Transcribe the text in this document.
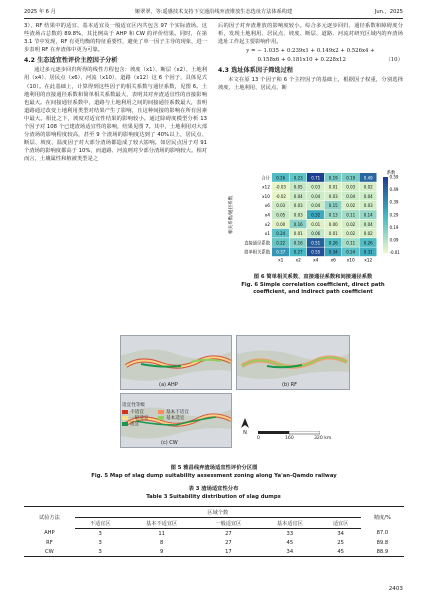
2025 年 6 月	姬翠翠，等:遥感技术支持下交通沿线弃渣堆放生态选址方法体系构建	Jun.，2025

3），RF 结果中的适宜、基本适宜及一般适宜区内共包含 97 个实际渣场。这些渣场占总数的 89.8%，其比例高于 AHP 和 CW 的评价结果。同时，在第 3.1 节中发现，RF 有更均衡的特征重要性，避免了单一因子主导的现象，进一步表明 RF 在弃渣体中更为可靠。

4.2 生态适宜性评价主控因子分析

通过多元逐步回归所得的线性方程包含：坡度（x1）、断层（x2）、土地利用（x4）、居民点（x6）、河流（x10）、道路（x12）这 6 个因子，具体见式（10）。在此基础上，计算得到这些因子的相关系数与通径系数，见图 6。土地利用的直接通径系数和简单相关系数最大，表明其对弃渣适宜性的直接影响也最大。在间接通径系数中，道路与土地利用之间的间接通径系数最大，表明道路通过改变土地利用类型对结果产生了影响，且这种间接的影响在所有因素中最大。相比之下，坡度对适宜性结果的影响较小。通过除碍度模型分析 13 个因子对 108 个已建渣场适宜性的影响，结果见图 7。其中，土地利用对大部分渣场的影响程度较高，甚至 9 个渣场的影响度达到了 40%以上，居民点、断层、坡度、温度因子对大部分渣场都造成了较大影响。如居民点因子对 91 个渣场的影响度都高于 10%，而道路、河流则对少部分渣场的影响较大。相对而言，土壤属性和植被类型是之

后的因子对弃渣堆放的影响度较小。综合多元逐步回归、通径系数和障碍度分析，发现土地利用、居民点、坡度、断层、道路、河流对研究区域内的弃渣场选址工作起主要影响作用。

y = − 1.035 + 0.239x1 + 0.149x2 + 0.526x4 +
0.158x6 + 0.181x10 + 0.228x12	（10）
4.3 选址体系因子筛选过程

本文在原 13 个因子和 6 个主控因子的基础上，根据因子权重，分别选择坡度、土地利用、居民点、断

相关系数/通径系数
合计 0.26 0.23 0.71 0.19 0.19 0.49
x12 -0.03 0.05 0.03 0.01 0.03 0.02
x10 -0.02 0.04 0.04 0.03 0.04 0.04
x6 0.03 0.03 0.04 0.15 0.02 0.03
x4 0.05 0.03 0.32 0.13 0.11 0.14
x2 0.00 0.16 0.01 0.00 0.02 0.04
x1 0.24 0.01 0.06 0.01 0.02 0.02
直接通径系数 0.22 0.16 0.51 0.26 0.11 0.26
简单相关系数 0.37 0.27 0.55 0.34 0.24 0.31
x1	x2	x4	x6	x10 x12
系数
0.59
0.49
0.39
0.29
0.19
0.09
-0.01
图 6 简单相关系数、直接通径系数和间接通径系数
Fig. 6 Simple correlation coefficient, direct path
coefficient, and indirect path coefficient
(a) AHP	(b) RF
(c) CW
适宜性等级
不适宜	基本不适宜
一般适宜	基本适宜
适宜
N
0	160	320 km
图 5 雅昌线弃渣场适宜性评价分区图
Fig. 5 Map of slag dump suitability assessment zoning along Ya'an-Qamdo railway
表 3 渣场适宜性分布
Table 3 Suitability distribution of slag dumps
试验方法	区域个数					精度/%
	不适宜区	基本不适宜区	一般适宜区	基本适宜区	适宜区	
AHP	3	11	27	33	34	87.0
RF	3	8	27	45	25	89.8
CW	3	9	17	34	45	88.9
2403
